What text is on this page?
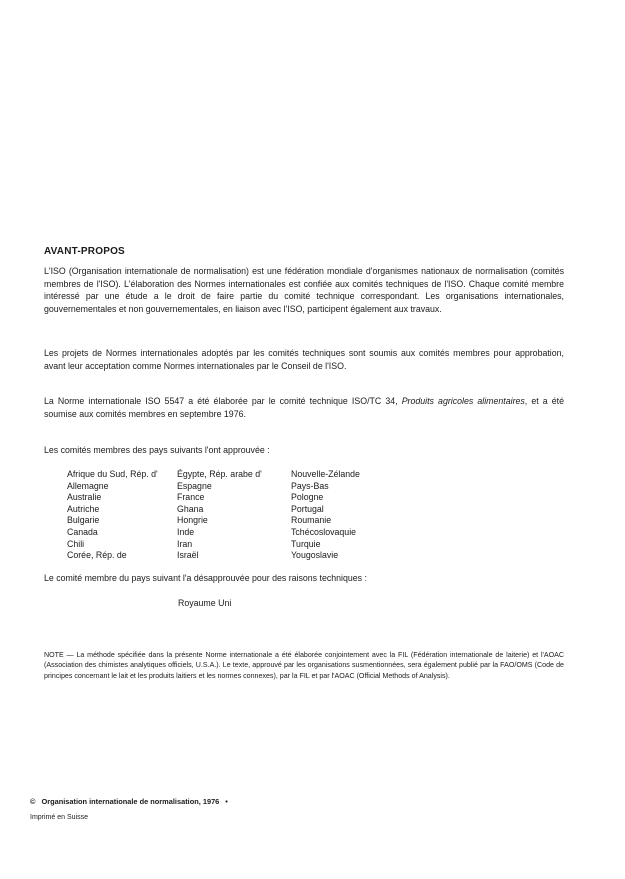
AVANT-PROPOS
L'ISO (Organisation internationale de normalisation) est une fédération mondiale d'organismes nationaux de normalisation (comités membres de l'ISO). L'élaboration des Normes internationales est confiée aux comités techniques de l'ISO. Chaque comité membre intéressé par une étude a le droit de faire partie du comité technique correspondant. Les organisations internationales, gouvernementales et non gouvernementales, en liaison avec l'ISO, participent également aux travaux.
Les projets de Normes internationales adoptés par les comités techniques sont soumis aux comités membres pour approbation, avant leur acceptation comme Normes internationales par le Conseil de l'ISO.
La Norme internationale ISO 5547 a été élaborée par le comité technique ISO/TC 34, Produits agricoles alimentaires, et a été soumise aux comités membres en septembre 1976.
Les comités membres des pays suivants l'ont approuvée :
Afrique du Sud, Rép. d'
Allemagne
Australie
Autriche
Bulgarie
Canada
Chili
Corée, Rép. de
Égypte, Rép. arabe d'
Espagne
France
Ghana
Hongrie
Inde
Iran
Israël
Nouvelle-Zélande
Pays-Bas
Pologne
Portugal
Roumanie
Tchécoslovaquie
Turquie
Yougoslavie
Le comité membre du pays suivant l'a désapprouvée pour des raisons techniques :
Royaume Uni
NOTE — La méthode spécifiée dans la présente Norme internationale a été élaborée conjointement avec la FIL (Fédération internationale de laiterie) et l'AOAC (Association des chimistes analytiques officiels, U.S.A.). Le texte, approuvé par les organisations susmentionnées, sera également publié par la FAO/OMS (Code de principes concernant le lait et les produits laitiers et les normes connexes), par la FIL et par l'AOAC (Official Methods of Analysis).
© Organisation internationale de normalisation, 1976 •
Imprimé en Suisse
